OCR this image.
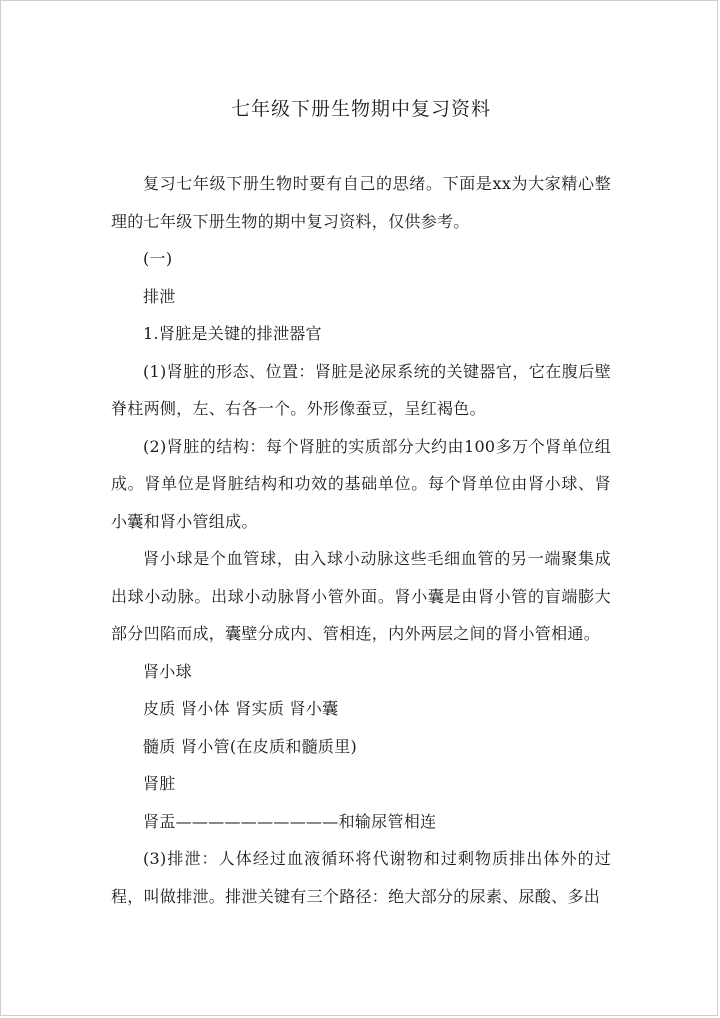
七年级下册生物期中复习资料

复习七年级下册生物时要有自己的思绪。下面是xx为大家精心整理的七年级下册生物的期中复习资料，仅供参考。

(一)

排泄

1.肾脏是关键的排泄器官

(1)肾脏的形态、位置：肾脏是泌尿系统的关键器官，它在腹后壁脊柱两侧，左、右各一个。外形像蚕豆，呈红褐色。

(2)肾脏的结构：每个肾脏的实质部分大约由100多万个肾单位组成。肾单位是肾脏结构和功效的基础单位。每个肾单位由肾小球、肾小囊和肾小管组成。

肾小球是个血管球，由入球小动脉这些毛细血管的另一端聚集成出球小动脉。出球小动脉肾小管外面。肾小囊是由肾小管的盲端膨大部分凹陷而成，囊壁分成内、管相连，内外两层之间的肾小管相通。

肾小球

皮质 肾小体 肾实质 肾小囊

髓质 肾小管(在皮质和髓质里)

肾脏

肾盂——————————和输尿管相连

(3)排泄：人体经过血液循环将代谢物和过剩物质排出体外的过程，叫做排泄。排泄关键有三个路径：绝大部分的尿素、尿酸、多出
